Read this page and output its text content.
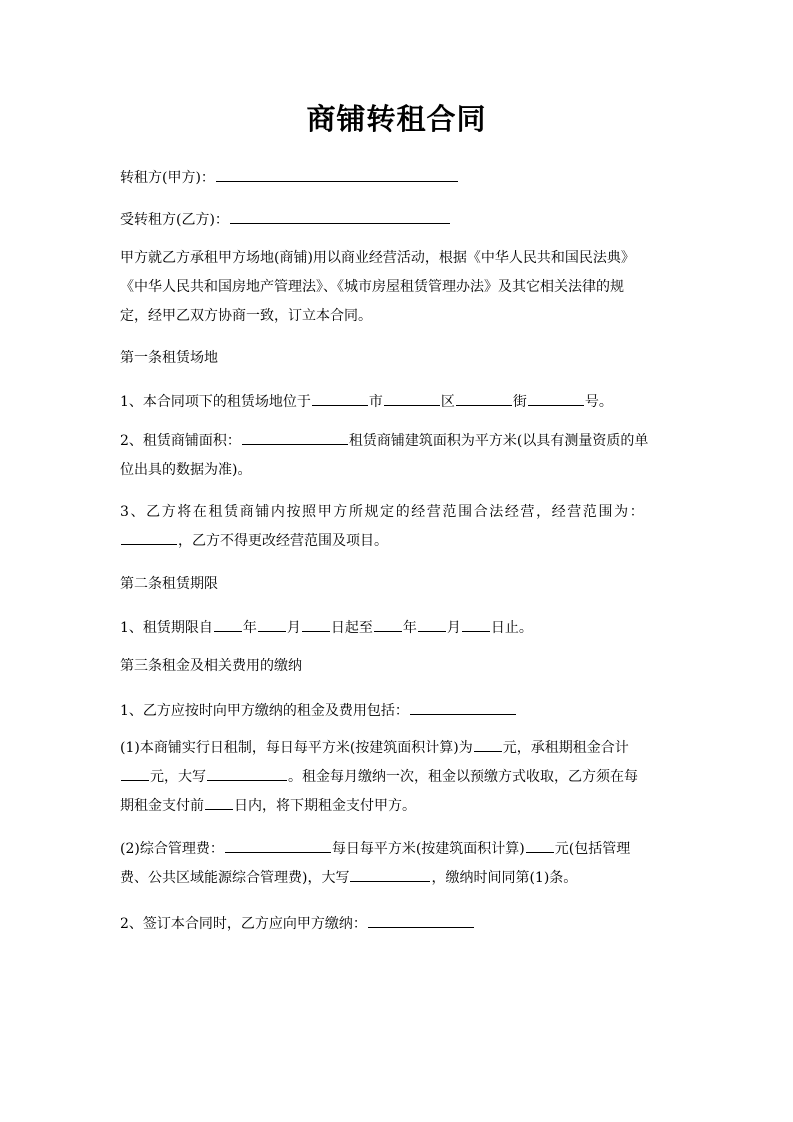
商铺转租合同
转租方(甲方)：
受转租方(乙方)：
甲方就乙方承租甲方场地(商铺)用以商业经营活动，根据《中华人民共和国民法典》
《中华人民共和国房地产管理法》、《城市房屋租赁管理办法》及其它相关法律的规
定，经甲乙双方协商一致，订立本合同。
第一条租赁场地
1、本合同项下的租赁场地位于	市	区	街	号。
2、租赁商铺面积：	租赁商铺建筑面积为平方米(以具有测量资质的单
位出具的数据为准)。
3、乙方将在租赁商铺内按照甲方所规定的经营范围合法经营，经营范围为：
，乙方不得更改经营范围及项目。
第二条租赁期限
1、租赁期限自 年 月 日起至 年 月 日止。
第三条租金及相关费用的缴纳
1、乙方应按时向甲方缴纳的租金及费用包括：
(1)本商铺实行日租制，每日每平方米(按建筑面积计算)为 元，承租期租金合计
元，大写	。租金每月缴纳一次，租金以预缴方式收取，乙方须在每
期租金支付前 日内，将下期租金支付甲方。
(2)综合管理费：	每日每平方米(按建筑面积计算) 元(包括管理
费、公共区域能源综合管理费)，大写	，缴纳时间同第(1)条。
2、签订本合同时，乙方应向甲方缴纳：
